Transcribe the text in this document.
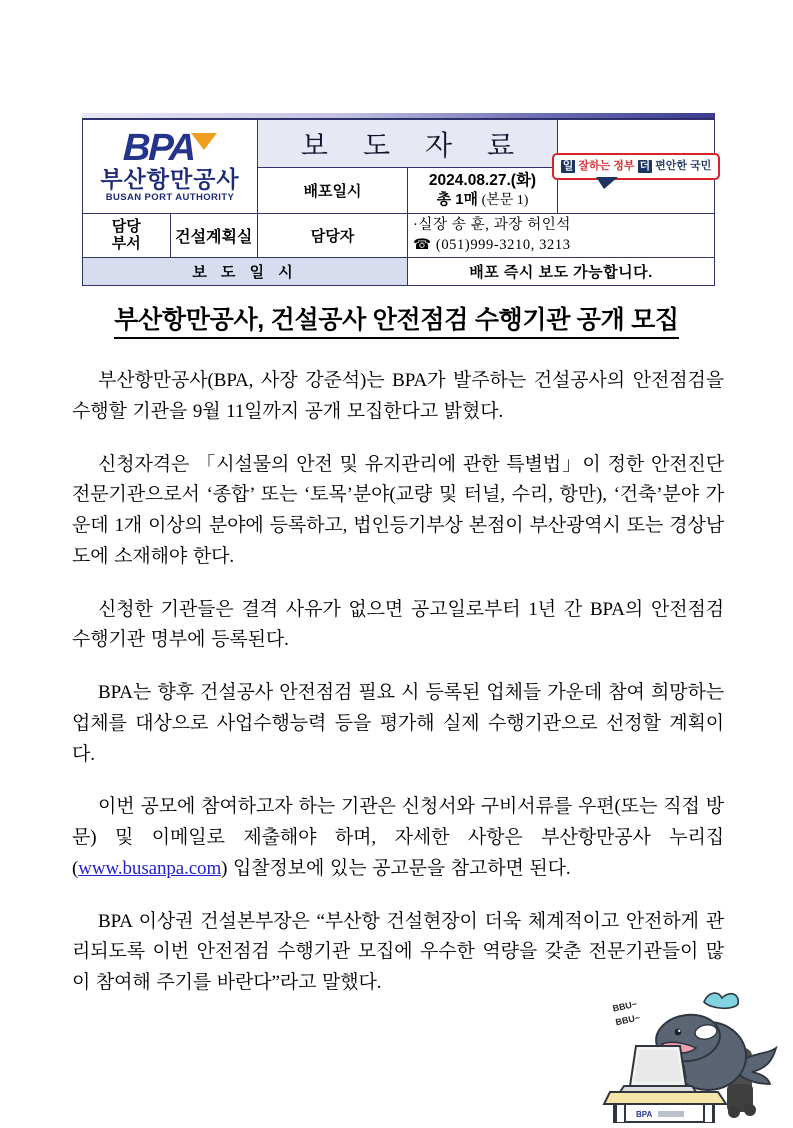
BPA
부산항만공사
BUSAN PORT AUTHORITY

보 도 자 료

일 잘하는 정부 더 편안한 국민

		배포일시	2024.08.27.(화)
총 1매 (본문 1)	

담당
부서	건설계획실	담당자	
·실장 송 훈, 과장 허인석
☎ (051)999-3210, 3213

보 도 일 시			배포 즉시 보도 가능합니다.	
부산항만공사, 건설공사 안전점검 수행기관 공개 모집

부산항만공사(BPA, 사장 강준석)는 BPA가 발주하는 건설공사의 안전점검을 수행할 기관을 9월 11일까지 공개 모집한다고 밝혔다.

신청자격은 「시설물의 안전 및 유지관리에 관한 특별법」이 정한 안전진단 전문기관으로서 ‘종합’ 또는 ‘토목’분야(교량 및 터널, 수리, 항만), ‘건축’분야 가운데 1개 이상의 분야에 등록하고, 법인등기부상 본점이 부산광역시 또는 경상남도에 소재해야 한다.

신청한 기관들은 결격 사유가 없으면 공고일로부터 1년 간 BPA의 안전점검 수행기관 명부에 등록된다.

BPA는 향후 건설공사 안전점검 필요 시 등록된 업체들 가운데 참여 희망하는 업체를 대상으로 사업수행능력 등을 평가해 실제 수행기관으로 선정할 계획이다.

이번 공모에 참여하고자 하는 기관은 신청서와 구비서류를 우편(또는 직접 방문) 및 이메일로 제출해야 하며, 자세한 사항은 부산항만공사 누리집(www.busanpa.com) 입찰정보에 있는 공고문을 참고하면 된다.

BPA 이상권 건설본부장은 “부산항 건설현장이 더욱 체계적이고 안전하게 관리되도록 이번 안전점검 수행기관 모집에 우수한 역량을 갖춘 전문기관들이 많이 참여해 주기를 바란다”라고 말했다.

BPA
BBU~
BBU~
